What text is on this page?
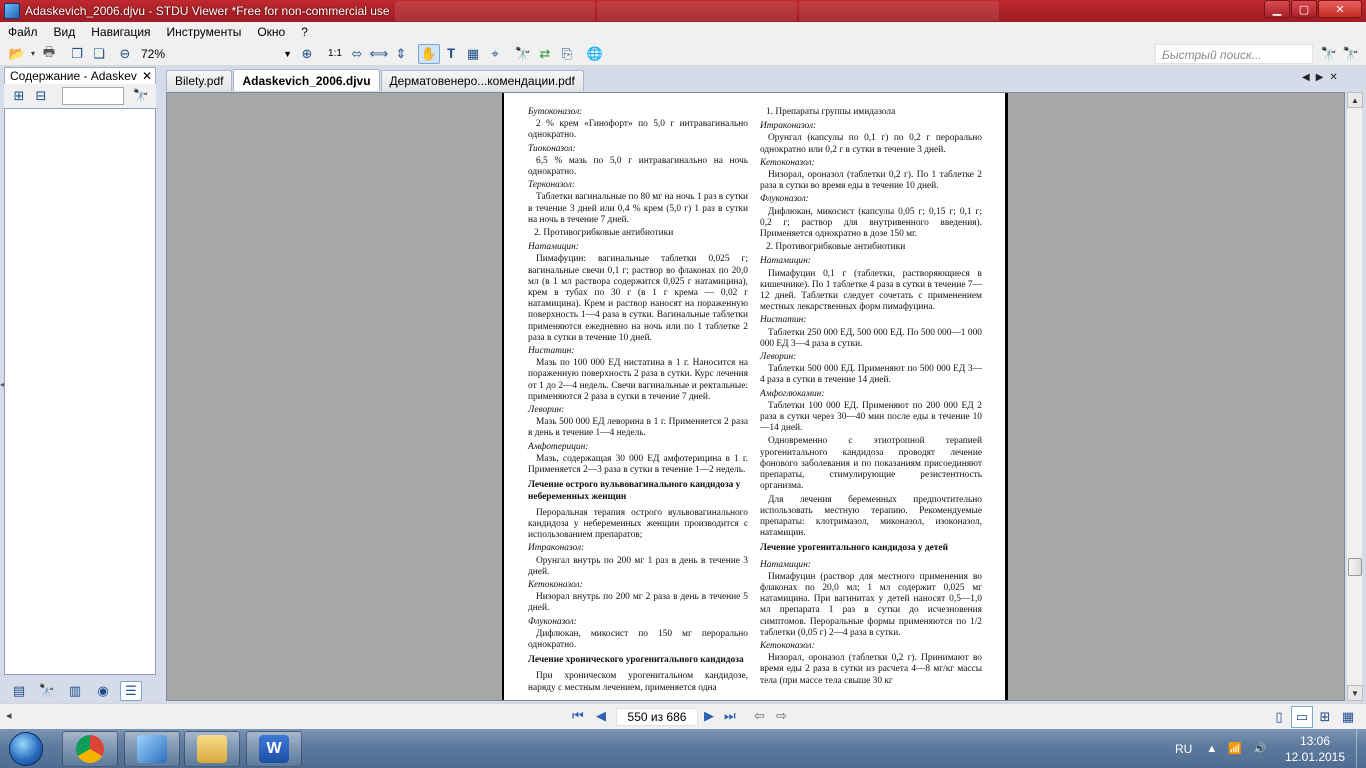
Adaskevich_2006.djvu - STDU Viewer *Free for non-commercial use	▁	▢	✕
Файл	Вид	Навигация	Инструменты	Окно	?
📂 ▾ 🖶	❐ ❏	⊖ 72%	▼ ⊕	1:1 ⬄ ⟺ ⇕	✋ 𝐓 ▦ ⌖	🔭 ⇄ ⎘	🌐	Быстрый поиск...	🔭 🔭
Содержание - Adaskev ✕
⊞ ⊟	🔭
▤	🔭	▥	◉	☰
◂
Bilety.pdf	Adaskevich_2006.djvu	Дерматовенеро...комендации.pdf	◀ ▶ ✕

Бутоконазол:

2 % крем «Гинофорт» по 5,0 г интравагинально однократно.

Тиоконазол:

6,5 % мазь по 5,0 г интравагинально на ночь однократно.

Терконазол:

Таблетки вагинальные по 80 мг на ночь 1 раз в сутки в течение 3 дней или 0,4 % крем (5,0 г) 1 раз в сутки на ночь в течение 7 дней.

2. Противогрибковые антибиотики

Натамицин:

Пимафуцин: вагинальные таблетки 0,025 г; вагинальные свечи 0,1 г; раствор во флаконах по 20,0 мл (в 1 мл раствора содержится 0,025 г натамицина), крем в тубах по 30 г (в 1 г крема — 0,02 г натамицина). Крем и раствор наносят на пораженную поверхность 1—4 раза в сутки. Вагинальные таблетки применяются ежедневно на ночь или по 1 таблетке 2 раза в сутки в течение 10 дней.

Нистатин:

Мазь по 100 000 ЕД нистатина в 1 г. Наносится на пораженную поверхность 2 раза в сутки. Курс лечения от 1 до 2—4 недель. Свечи вагинальные и ректальные: применяются 2 раза в сутки в течение 7 дней.

Леворин:

Мазь 500 000 ЕД леворина в 1 г. Применяется 2 раза в день в течение 1—4 недель.

Амфотерицин:

Мазь, содержащая 30 000 ЕД амфотерицина в 1 г. Применяется 2—3 раза в сутки в течение 1—2 недель.

Лечение острого вульвовагинального кандидоза у небеременных женщин

Пероральная терапия острого вульвовагинального кандидоза у небеременных женщин производится с использованием препаратов;

Итраконазол:

Орунгал внутрь по 200 мг 1 раз в день в течение 3 дней.

Кетоконазол:

Низорал внутрь по 200 мг 2 раза в день в течение 5 дней.

Флуконазол:

Дифлюкан, микосист по 150 мг перорально однократно.

Лечение хронического урогенитального кандидоза

При хроническом урогенитальном кандидозе, наряду с местным лечением, применяется одна

1. Препараты группы имидазола

Итраконазол:

Орунгал (капсулы по 0,1 г) по 0,2 г перорально однократно или 0,2 г в сутки в течение 3 дней.

Кетоконазол:

Низорал, ороназол (таблетки 0,2 г). По 1 таблетке 2 раза в сутки во время еды в течение 10 дней.

Флуконазол:

Дифлюкан, микосист (капсулы 0,05 г; 0,15 г; 0,1 г; 0,2 г; раствор для внутривенного введения). Применяется однократно в дозе 150 мг.

2. Противогрибковые антибиотики

Натамицин:

Пимафуцин 0,1 г (таблетки, растворяющиеся в кишечнике). По 1 таблетке 4 раза в сутки в течение 7—12 дней. Таблетки следует сочетать с применением местных лекарственных форм пимафуцина.

Нистатин:

Таблетки 250 000 ЕД, 500 000 ЕД. По 500 000—1 000 000 ЕД 3—4 раза в сутки.

Леворин:

Таблетки 500 000 ЕД. Применяют по 500 000 ЕД 3—4 раза в сутки в течение 14 дней.

Амфоглюкамин:

Таблетки 100 000 ЕД. Применяют по 200 000 ЕД 2 раза в сутки через 30—40 мин после еды в течение 10—14 дней.

Одновременно с этиотропной терапией урогенитального кандидоза проводят лечение фонового заболевания и по показаниям присоединяют препараты, стимулирующие резистентность организма.

Для лечения беременных предпочтительно использовать местную терапию. Рекомендуемые препараты: клотримазол, миконазол, изоконазол, натамицин.

Лечение урогенитального кандидоза у детей

Натамицин:

Пимафуцин (раствор для местного применения во флаконах по 20,0 мл; 1 мл содержит 0,025 мг натамицина. При вагинитах у детей наносят 0,5—1,0 мл препарата 1 раз в сутки до исчезновения симптомов. Пероральные формы применяются по 1/2 таблетки (0,05 г) 2—4 раза в сутки.

Кетоконазол:

Низорал, ороназол (таблетки 0,2 г). Принимают во время еды 2 раза в сутки из расчета 4—8 мг/кг массы тела (при массе тела свыше 30 кг

▲
▼
◂	⏮ ◀	550 из 686	▶ ⏭ ⇦ ⇨	▯	▭ ⊞ ▦
W	RU ▲ 📶 🔊
13:06
12.01.2015
